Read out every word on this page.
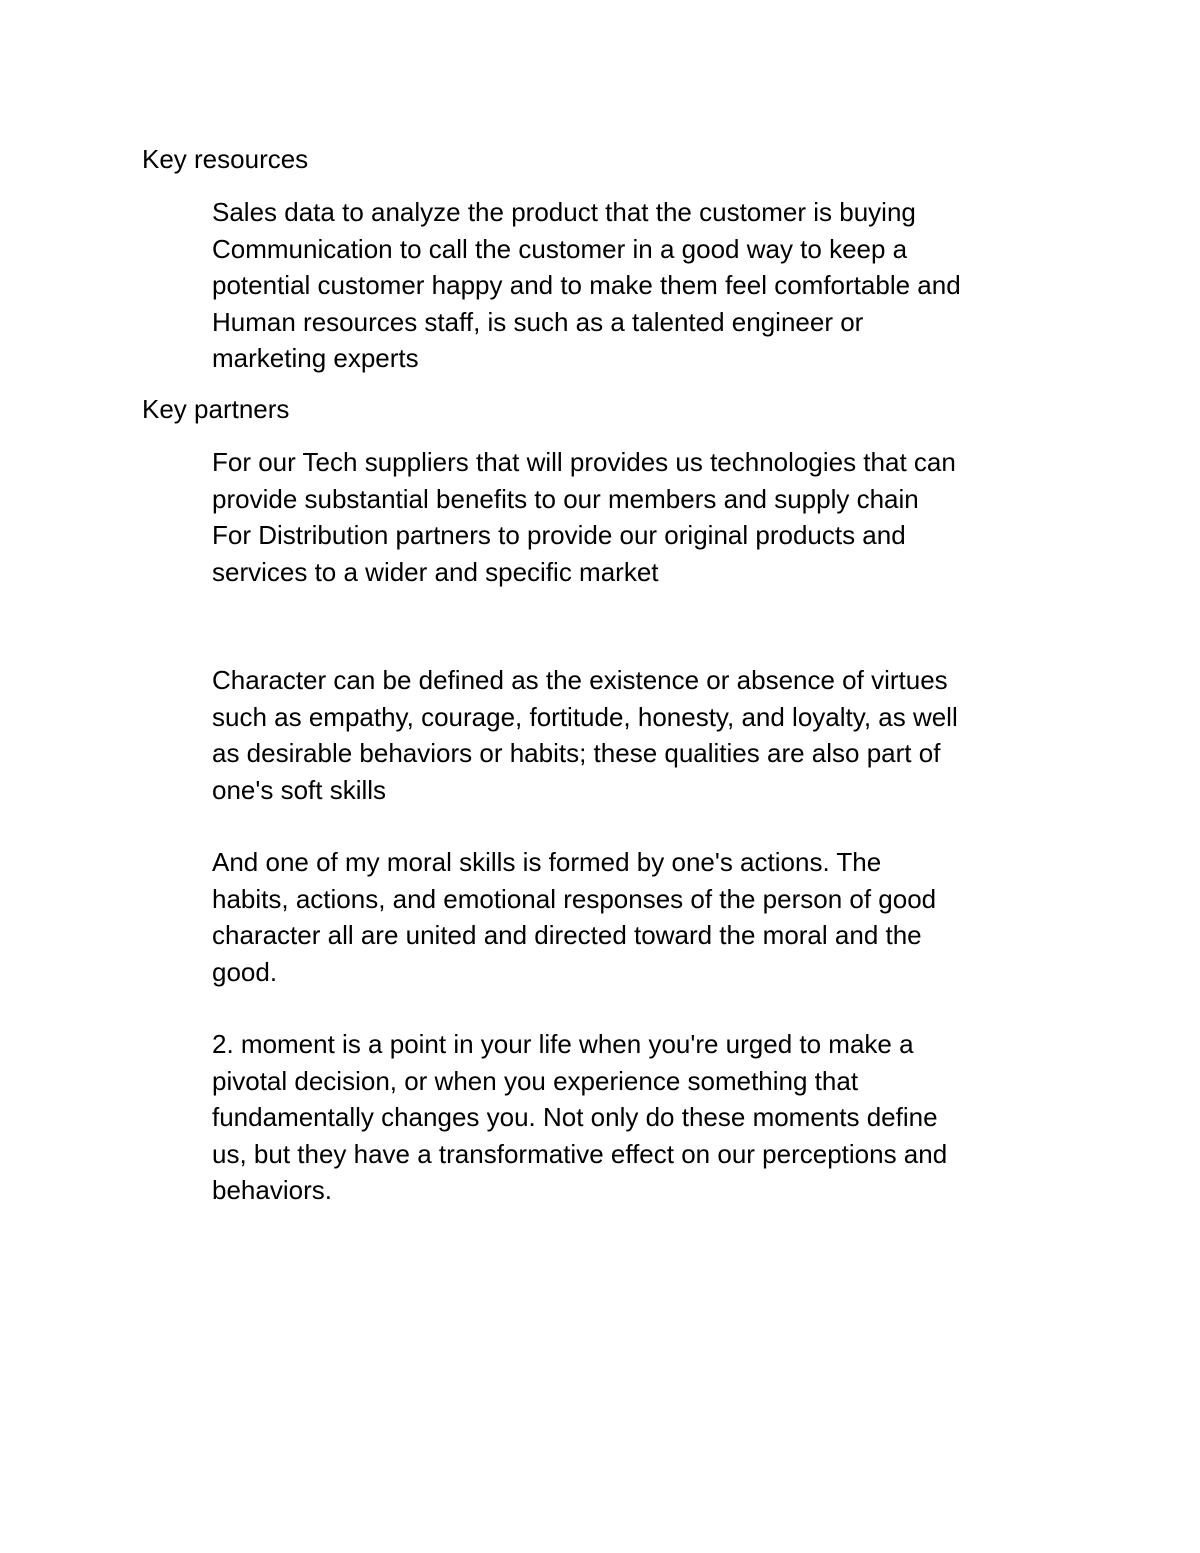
Key resources
Sales data to analyze the product that the customer is buying
Communication to call the customer in a good way to keep a
potential customer happy and to make them feel comfortable and
Human resources staff, is such as a talented engineer or
marketing experts
Key partners
For our Tech suppliers that will provides us technologies that can
provide substantial benefits to our members and supply chain
For Distribution partners to provide our original products and
services to a wider and specific market
Character can be defined as the existence or absence of virtues
such as empathy, courage, fortitude, honesty, and loyalty, as well
as desirable behaviors or habits; these qualities are also part of
one's soft skills
And one of my moral skills is formed by one's actions. The
habits, actions, and emotional responses of the person of good
character all are united and directed toward the moral and the
good.
2. moment is a point in your life when you're urged to make a
pivotal decision, or when you experience something that
fundamentally changes you. Not only do these moments define
us, but they have a transformative effect on our perceptions and
behaviors.
